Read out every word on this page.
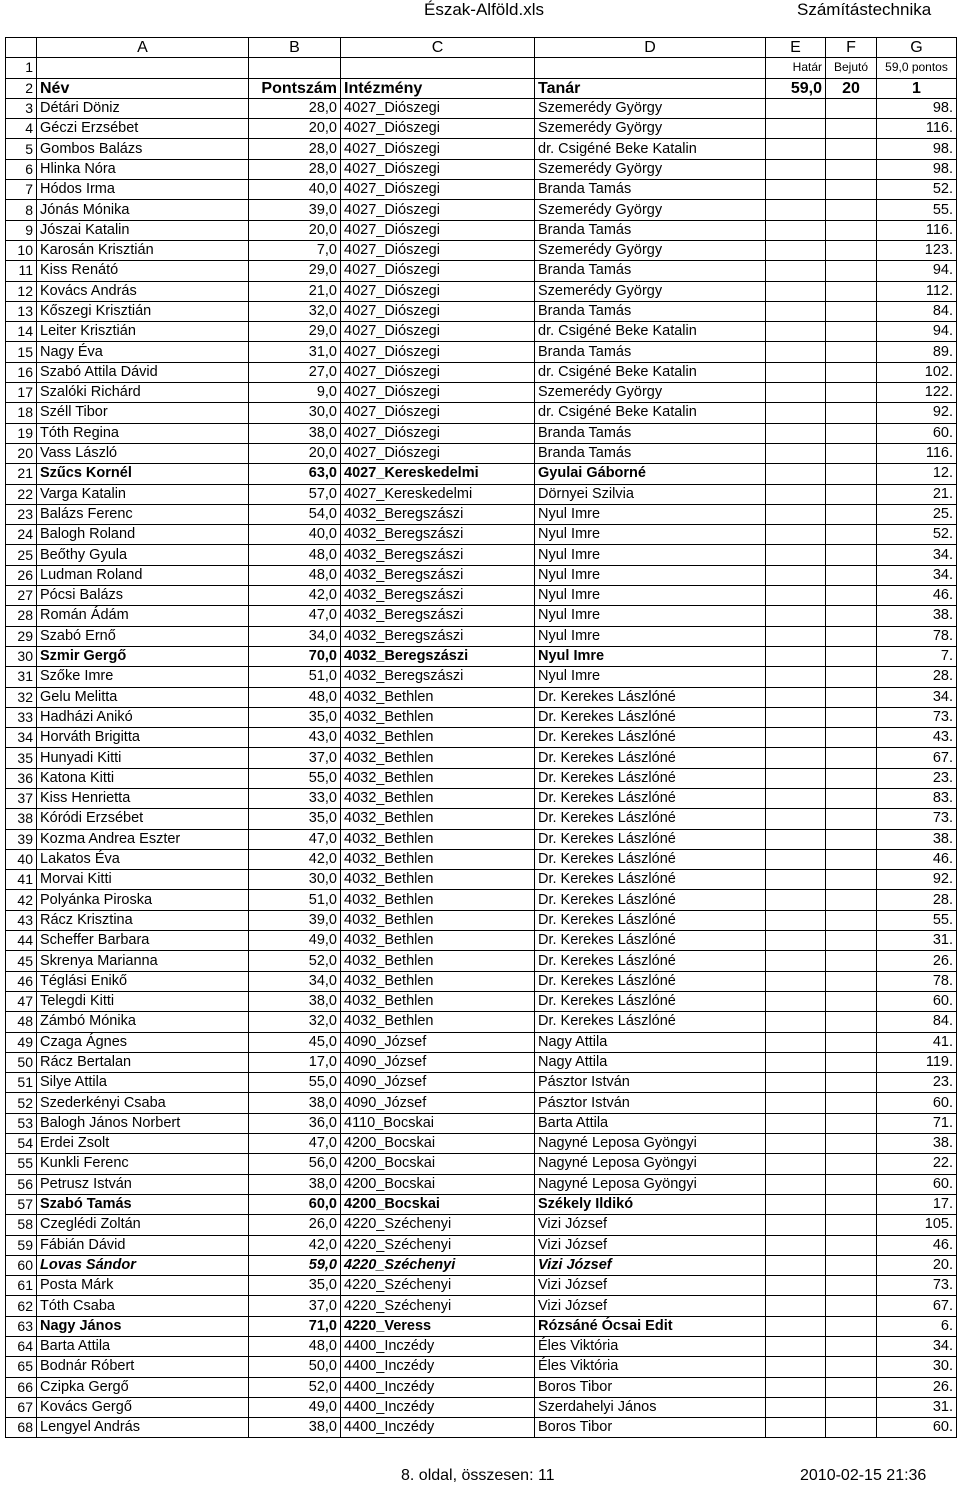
Észak-Alföld.xls	Számítástechnika
	A	B	C	D	E	F	G
1					Határ	Bejutó	59,0 pontos
2	Név	Pontszám	Intézmény	Tanár	59,0	20	1
3	Détári Döniz	28,0	4027_Diószegi	Szemerédy György			98.
4	Géczi Erzsébet	20,0	4027_Diószegi	Szemerédy György			116.
5	Gombos Balázs	28,0	4027_Diószegi	dr. Csigéné Beke Katalin			98.
6	Hlinka Nóra	28,0	4027_Diószegi	Szemerédy György			98.
7	Hódos Irma	40,0	4027_Diószegi	Branda Tamás			52.
8	Jónás Mónika	39,0	4027_Diószegi	Szemerédy György			55.
9	Jószai Katalin	20,0	4027_Diószegi	Branda Tamás			116.
10	Karosán Krisztián	7,0	4027_Diószegi	Szemerédy György			123.
11	Kiss Renátó	29,0	4027_Diószegi	Branda Tamás			94.
12	Kovács András	21,0	4027_Diószegi	Szemerédy György			112.
13	Kőszegi Krisztián	32,0	4027_Diószegi	Branda Tamás			84.
14	Leiter Krisztián	29,0	4027_Diószegi	dr. Csigéné Beke Katalin			94.
15	Nagy Éva	31,0	4027_Diószegi	Branda Tamás			89.
16	Szabó Attila Dávid	27,0	4027_Diószegi	dr. Csigéné Beke Katalin			102.
17	Szalóki Richárd	9,0	4027_Diószegi	Szemerédy György			122.
18	Széll Tibor	30,0	4027_Diószegi	dr. Csigéné Beke Katalin			92.
19	Tóth Regina	38,0	4027_Diószegi	Branda Tamás			60.
20	Vass László	20,0	4027_Diószegi	Branda Tamás			116.
21	Szűcs Kornél	63,0	4027_Kereskedelmi	Gyulai Gáborné			12.
22	Varga Katalin	57,0	4027_Kereskedelmi	Dörnyei Szilvia			21.
23	Balázs Ferenc	54,0	4032_Beregszászi	Nyul Imre			25.
24	Balogh Roland	40,0	4032_Beregszászi	Nyul Imre			52.
25	Beőthy Gyula	48,0	4032_Beregszászi	Nyul Imre			34.
26	Ludman Roland	48,0	4032_Beregszászi	Nyul Imre			34.
27	Pócsi Balázs	42,0	4032_Beregszászi	Nyul Imre			46.
28	Román Ádám	47,0	4032_Beregszászi	Nyul Imre			38.
29	Szabó Ernő	34,0	4032_Beregszászi	Nyul Imre			78.
30	Szmir Gergő	70,0	4032_Beregszászi	Nyul Imre			7.
31	Szőke Imre	51,0	4032_Beregszászi	Nyul Imre			28.
32	Gelu Melitta	48,0	4032_Bethlen	Dr. Kerekes Lászlóné			34.
33	Hadházi Anikó	35,0	4032_Bethlen	Dr. Kerekes Lászlóné			73.
34	Horváth Brigitta	43,0	4032_Bethlen	Dr. Kerekes Lászlóné			43.
35	Hunyadi Kitti	37,0	4032_Bethlen	Dr. Kerekes Lászlóné			67.
36	Katona Kitti	55,0	4032_Bethlen	Dr. Kerekes Lászlóné			23.
37	Kiss Henrietta	33,0	4032_Bethlen	Dr. Kerekes Lászlóné			83.
38	Kóródi Erzsébet	35,0	4032_Bethlen	Dr. Kerekes Lászlóné			73.
39	Kozma Andrea Eszter	47,0	4032_Bethlen	Dr. Kerekes Lászlóné			38.
40	Lakatos Éva	42,0	4032_Bethlen	Dr. Kerekes Lászlóné			46.
41	Morvai Kitti	30,0	4032_Bethlen	Dr. Kerekes Lászlóné			92.
42	Polyánka Piroska	51,0	4032_Bethlen	Dr. Kerekes Lászlóné			28.
43	Rácz Krisztina	39,0	4032_Bethlen	Dr. Kerekes Lászlóné			55.
44	Scheffer Barbara	49,0	4032_Bethlen	Dr. Kerekes Lászlóné			31.
45	Skrenya Marianna	52,0	4032_Bethlen	Dr. Kerekes Lászlóné			26.
46	Téglási Enikő	34,0	4032_Bethlen	Dr. Kerekes Lászlóné			78.
47	Telegdi Kitti	38,0	4032_Bethlen	Dr. Kerekes Lászlóné			60.
48	Zámbó Mónika	32,0	4032_Bethlen	Dr. Kerekes Lászlóné			84.
49	Czaga Ágnes	45,0	4090_József	Nagy Attila			41.
50	Rácz Bertalan	17,0	4090_József	Nagy Attila			119.
51	Silye Attila	55,0	4090_József	Pásztor István			23.
52	Szederkényi Csaba	38,0	4090_József	Pásztor István			60.
53	Balogh János Norbert	36,0	4110_Bocskai	Barta Attila			71.
54	Erdei Zsolt	47,0	4200_Bocskai	Nagyné Leposa Gyöngyi			38.
55	Kunkli Ferenc	56,0	4200_Bocskai	Nagyné Leposa Gyöngyi			22.
56	Petrusz István	38,0	4200_Bocskai	Nagyné Leposa Gyöngyi			60.
57	Szabó Tamás	60,0	4200_Bocskai	Székely Ildikó			17.
58	Czeglédi Zoltán	26,0	4220_Széchenyi	Vizi József			105.
59	Fábián Dávid	42,0	4220_Széchenyi	Vizi József			46.
60	Lovas Sándor	59,0	4220_Széchenyi	Vizi József			20.
61	Posta Márk	35,0	4220_Széchenyi	Vizi József			73.
62	Tóth Csaba	37,0	4220_Széchenyi	Vizi József			67.
63	Nagy János	71,0	4220_Veress	Rózsáné Ócsai Edit			6.
64	Barta Attila	48,0	4400_Inczédy	Éles Viktória			34.
65	Bodnár Róbert	50,0	4400_Inczédy	Éles Viktória			30.
66	Czipka Gergő	52,0	4400_Inczédy	Boros Tibor			26.
67	Kovács Gergő	49,0	4400_Inczédy	Szerdahelyi János			31.
68	Lengyel András	38,0	4400_Inczédy	Boros Tibor			60.
8. oldal, összesen: 11	2010-02-15 21:36
